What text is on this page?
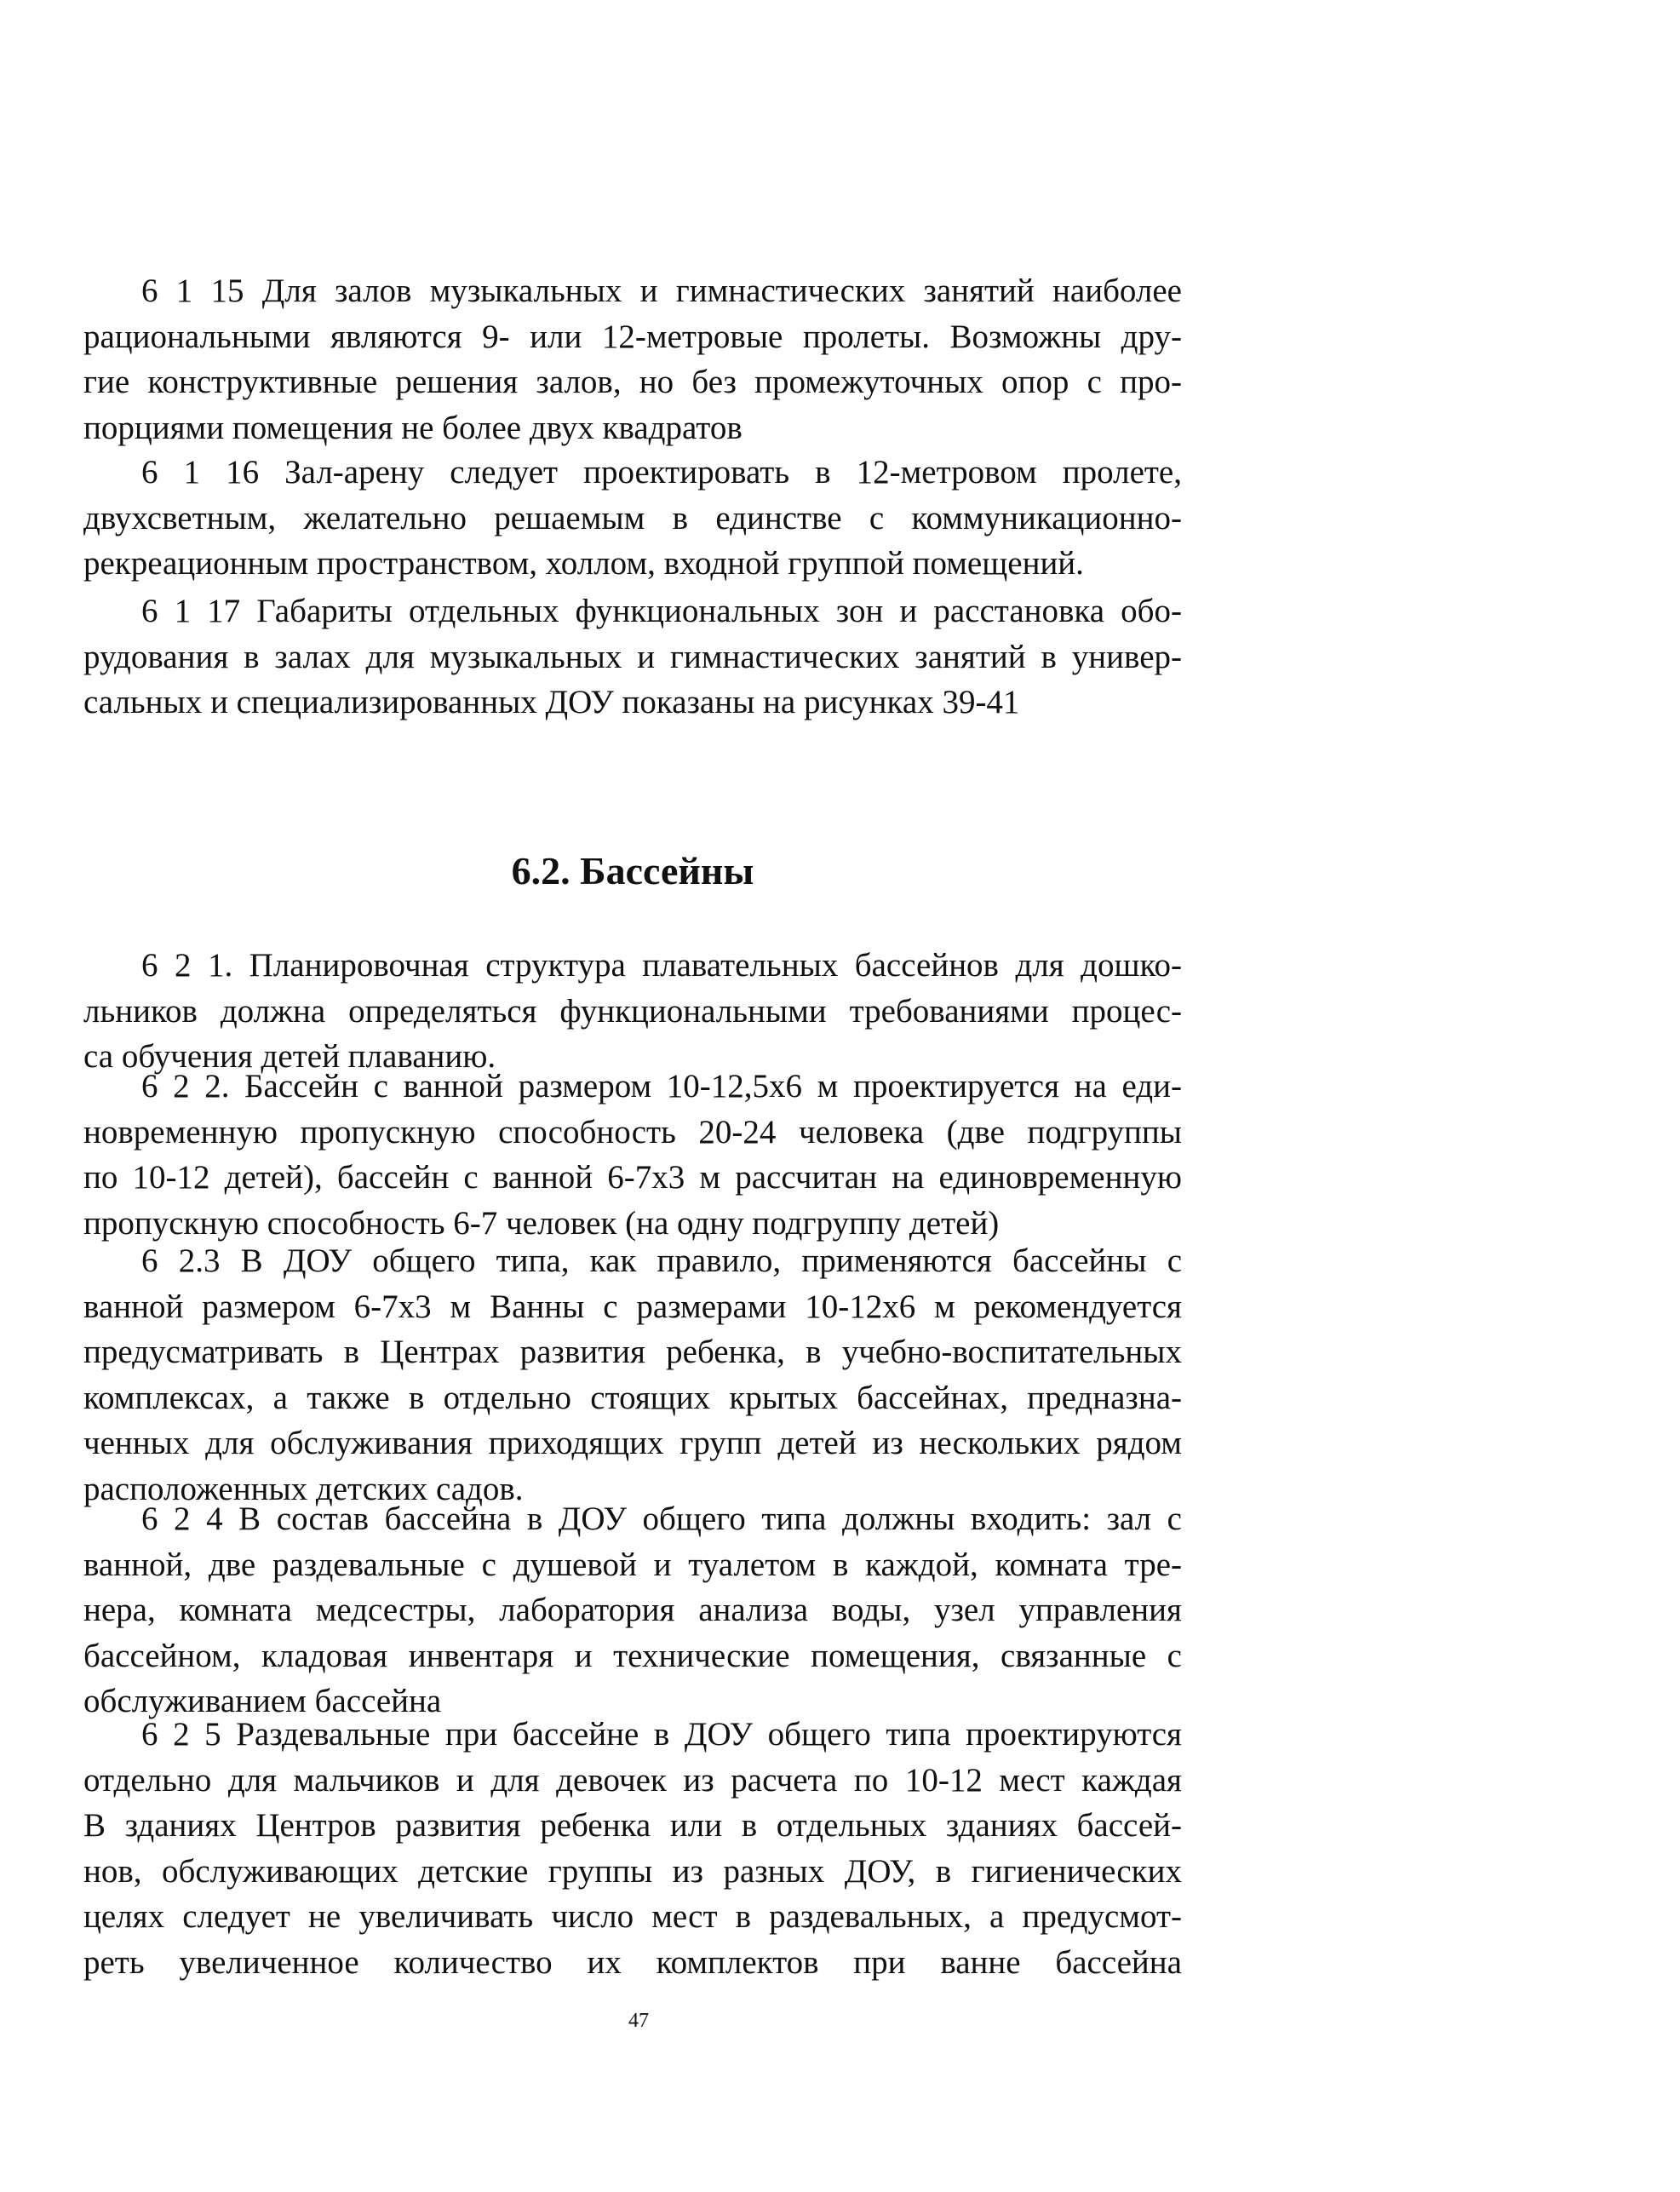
6 1 15 Для залов музыкальных и гимнастических занятий наиболее
рациональными являются 9- или 12-метровые пролеты. Возможны дру-
гие конструктивные решения залов, но без промежуточных опор с про-
порциями помещения не более двух квадратов
6 1 16 Зал-арену следует проектировать в 12-метровом пролете,
двухсветным, желательно решаемым в единстве с коммуникационно-
рекреационным пространством, холлом, входной группой помещений.
6 1 17 Габариты отдельных функциональных зон и расстановка обо-
рудования в залах для музыкальных и гимнастических занятий в универ-
сальных и специализированных ДОУ показаны на рисунках 39-41
6.2. Бассейны
6 2 1. Планировочная структура плавательных бассейнов для дошко-
льников должна определяться функциональными требованиями процес-
са обучения детей плаванию.
6 2 2. Бассейн с ванной размером 10-12,5х6 м проектируется на еди-
новременную пропускную способность 20-24 человека (две подгруппы
по 10-12 детей), бассейн с ванной 6-7х3 м рассчитан на единовременную
пропускную способность 6-7 человек (на одну подгруппу детей)
6 2.3 В ДОУ общего типа, как правило, применяются бассейны с
ванной размером 6-7х3 м Ванны с размерами 10-12х6 м рекомендуется
предусматривать в Центрах развития ребенка, в учебно-воспитательных
комплексах, а также в отдельно стоящих крытых бассейнах, предназна-
ченных для обслуживания приходящих групп детей из нескольких рядом
расположенных детских садов.
6 2 4 В состав бассейна в ДОУ общего типа должны входить: зал с
ванной, две раздевальные с душевой и туалетом в каждой, комната тре-
нера, комната медсестры, лаборатория анализа воды, узел управления
бассейном, кладовая инвентаря и технические помещения, связанные с
обслуживанием бассейна
6 2 5 Раздевальные при бассейне в ДОУ общего типа проектируются
отдельно для мальчиков и для девочек из расчета по 10-12 мест каждая
В зданиях Центров развития ребенка или в отдельных зданиях бассей-
нов, обслуживающих детские группы из разных ДОУ, в гигиенических
целях следует не увеличивать число мест в раздевальных, а предусмот-
реть увеличенное количество их комплектов при ванне бассейна
47
